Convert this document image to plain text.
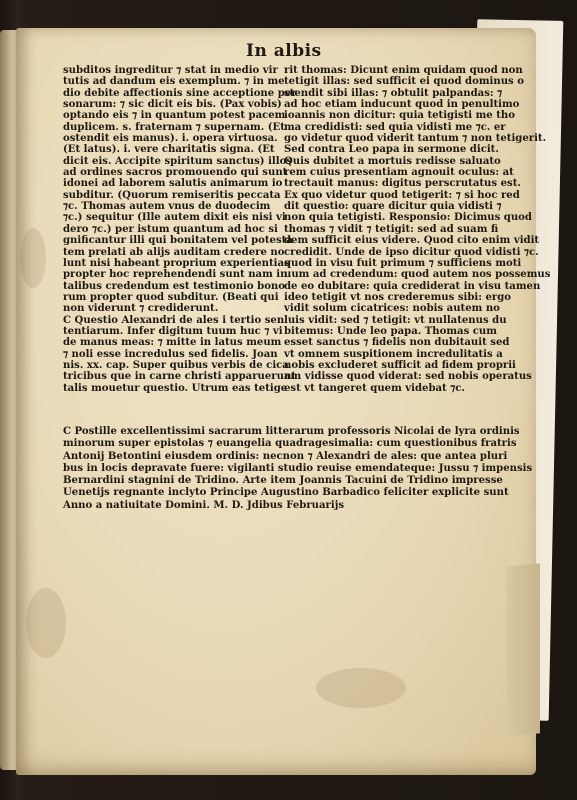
In albis
subditos ingreditur ⁊ stat in medio vir
tutis ad dandum eis exemplum. ⁊ in me
dio debite affectionis sine acceptione per
sonarum: ⁊ sic dicit eis bis. (Pax vobis)
optando eis ⁊ in quantum potest pacem
duplicem. s. fraternam ⁊ supernam. (Et
ostendit eis manus). i. opera virtuosa.
(Et latus). i. vere charitatis signa. (Et
dicit eis. Accipite spiritum sanctus) illos
ad ordines sacros promouendo qui sunt
idonei ad laborem salutis animarum io
subditur. (Quorum remiseritis peccata
⁊c. Thomas autem vnus de duodecim
⁊c.) sequitur (Ille autem dixit eis nisi vi
dero ⁊c.) per istum quantum ad hoc si
gnificantur illi qui bonitatem vel potesta
tem prelati ab alijs auditam credere no
lunt nisi habeant proprium experientias
propter hoc reprehendendi sunt nam in
talibus credendum est testimonio bono
rum propter quod subditur. (Beati qui
non viderunt ⁊ crediderunt.
C Questio Alexandri de ales i tertio sen
tentiarum. Infer digitum tuum huc ⁊ vi
de manus meas: ⁊ mitte in latus meum
⁊ noli esse incredulus sed fidelis. Joan
nis. xx. cap. Super quibus verbis de cica
tricibus que in carne christi apparuerunt
talis mouetur questio. Utrum eas tetige
rit thomas: Dicunt enim quidam quod non
tetigit illas: sed sufficit ei quod dominus o
stendit sibi illas: ⁊ obtulit palpandas: ⁊
ad hoc etiam inducunt quod in penultimo
ioannis non dicitur: quia tetigisti me tho
ma credidisti: sed quia vidisti me ⁊c. er
go videtur quod viderit tantum ⁊ non tetigerit.
Sed contra Leo papa in sermone dicit.
Quis dubitet a mortuis redisse saluato
rem cuius presentiam agnouit oculus: at
trectauit manus: digitus perscrutatus est.
Ex quo videtur quod tetigerit: ⁊ si hoc red
dit questio: quare dicitur quia vidisti ⁊
non quia tetigisti. Responsio: Dicimus quod
thomas ⁊ vidit ⁊ tetigit: sed ad suam fi
dem sufficit eius videre. Quod cito enim vidit
credidit. Unde de ipso dicitur quod vidisti ⁊c.
quod in visu fuit primum ⁊ sufficiens moti
uum ad credendum: quod autem nos possemus
de eo dubitare: quia crediderat in visu tamen
ideo tetigit vt nos crederemus sibi: ergo
vidit solum cicatrices: nobis autem no
luis vidit: sed ⁊ tetigit: vt nullatenus du
bitemus: Unde leo papa. Thomas cum
esset sanctus ⁊ fidelis non dubitauit sed
vt omnem suspitionem incredulitatis a
nobis excluderet sufficit ad fidem proprii
am vidisse quod viderat: sed nobis operatus
est vt tangeret quem videbat ⁊c.
C Postille excellentissimi sacrarum litterarum professoris Nicolai de lyra ordinis
minorum super epistolas ⁊ euangelia quadragesimalia: cum questionibus fratris
Antonij Betontini eiusdem ordinis: necnon ⁊ Alexandri de ales: que antea pluri
bus in locis depravate fuere: vigilanti studio reuise emendateque: Jussu ⁊ impensis
Bernardini stagnini de Tridino. Arte item Joannis Tacuini de Tridino impresse
Uenetijs regnante inclyto Principe Augustino Barbadico feliciter explicite sunt
Anno a natiuitate Domini. M. D. Jdibus Februarijs
